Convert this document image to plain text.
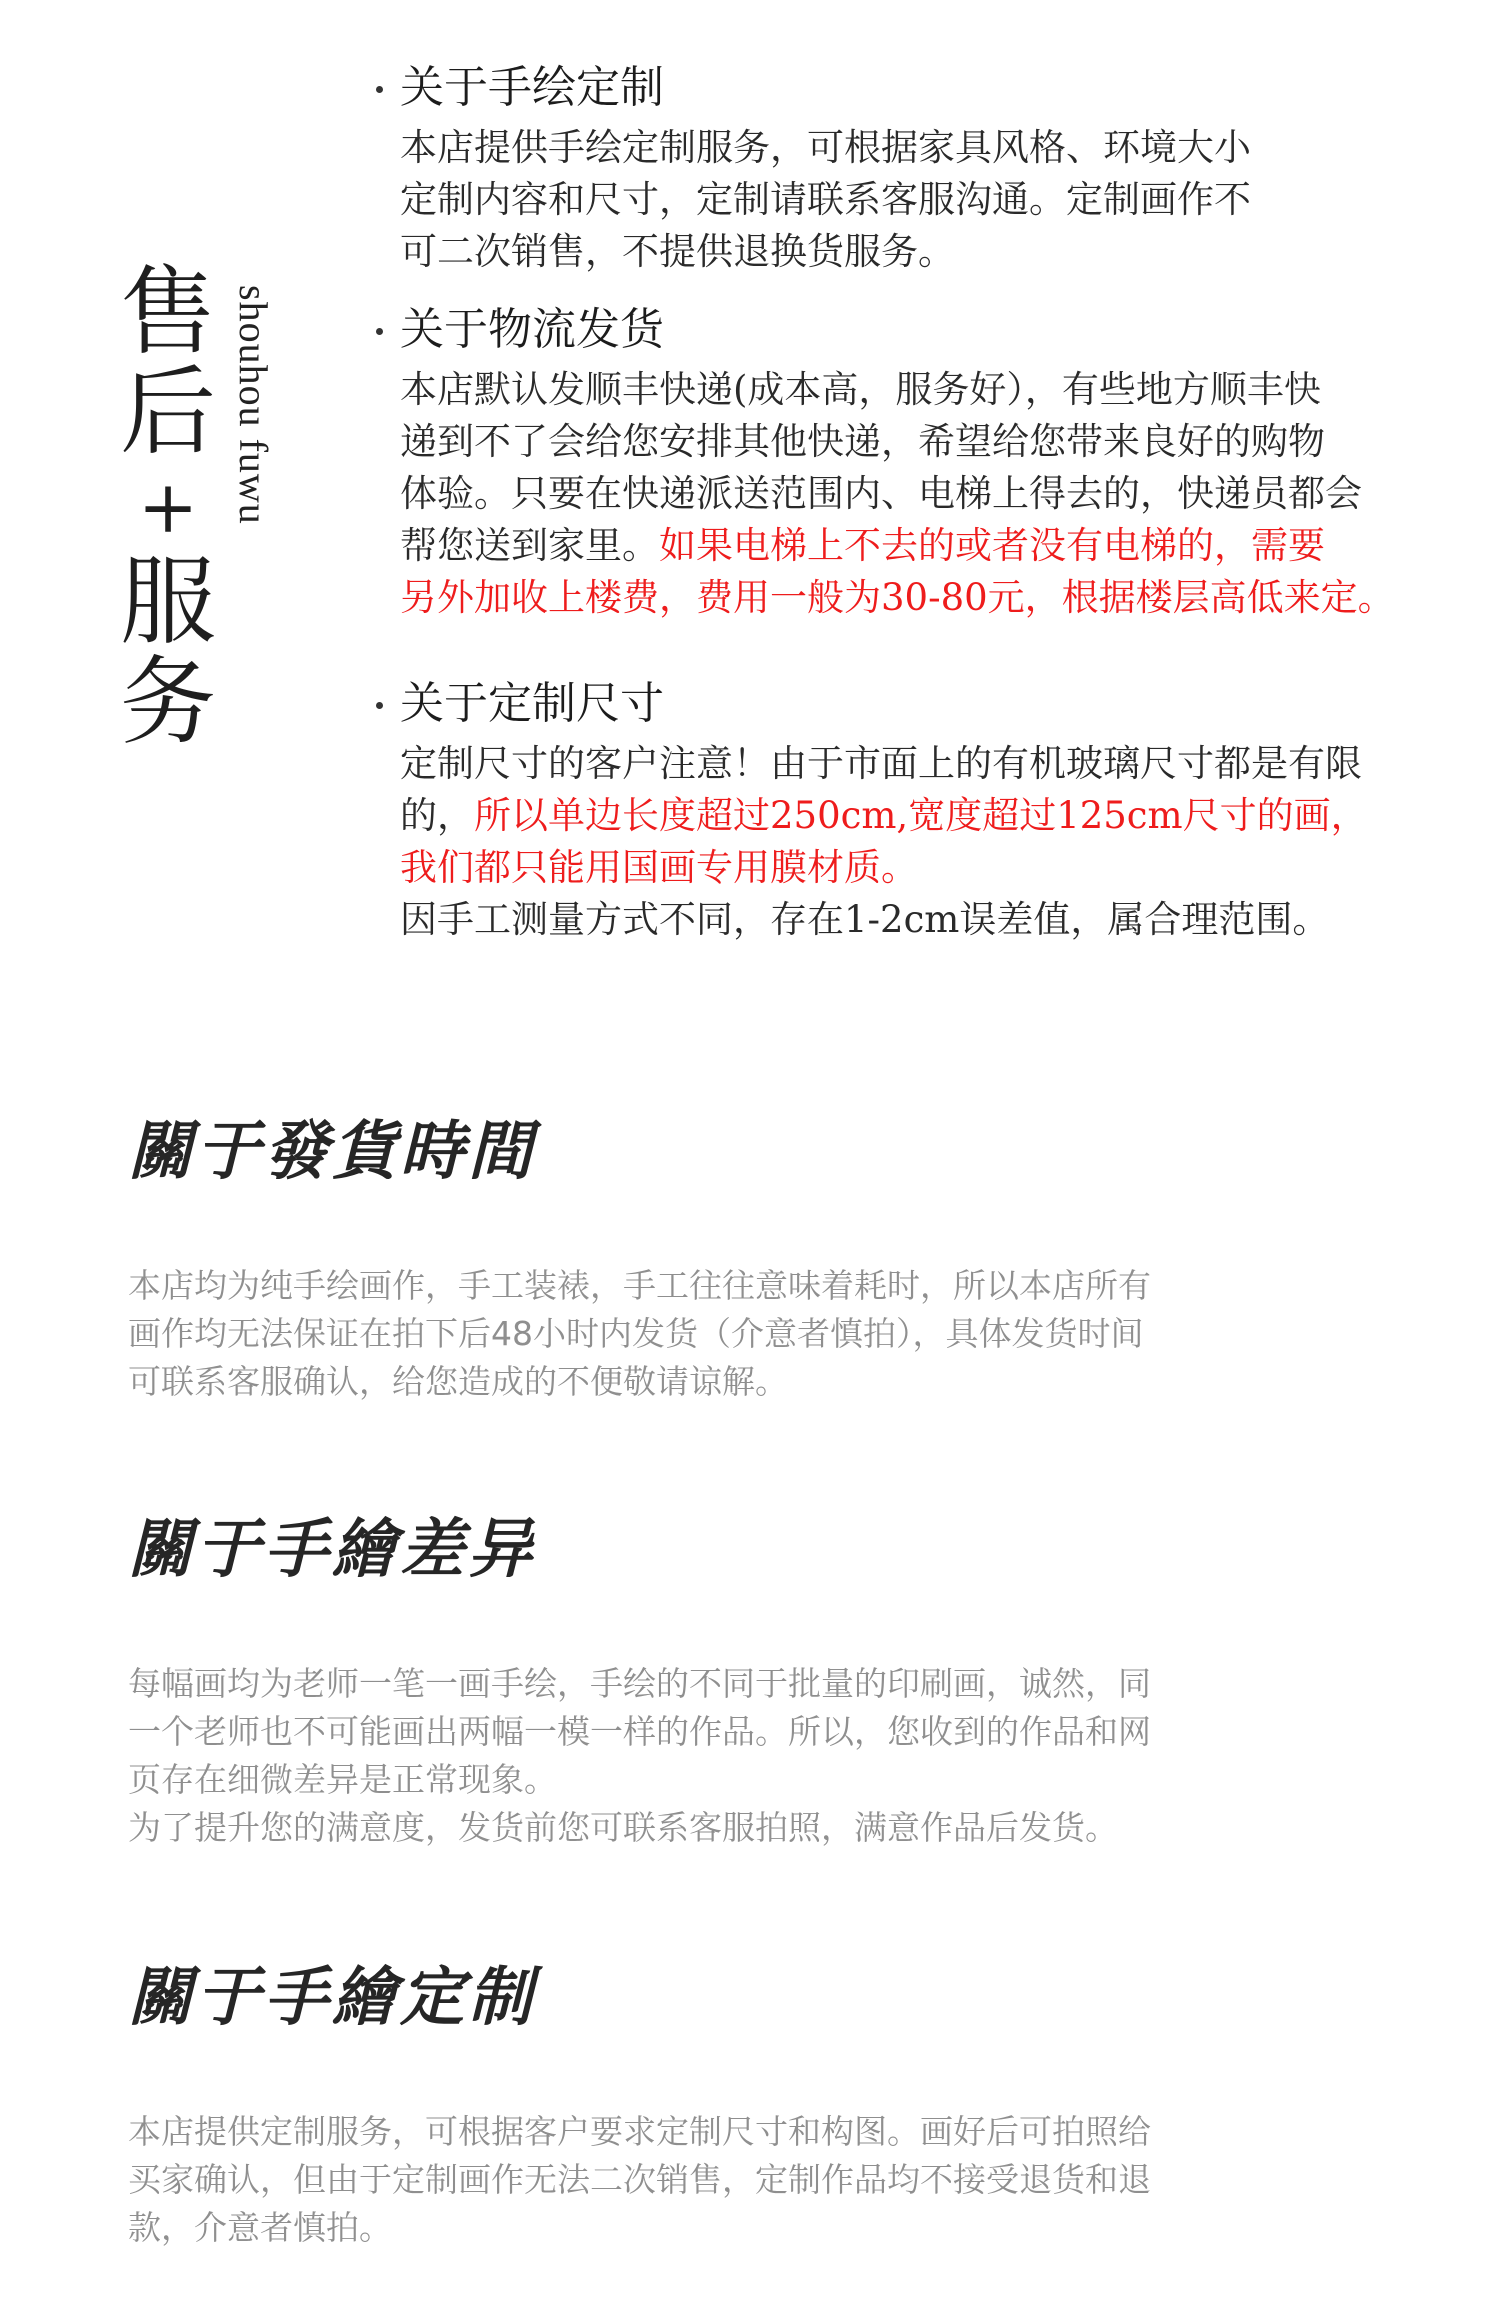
售
后
+
服
务
shouhou fuwu
关于手绘定制

本店提供手绘定制服务，可根据家具风格、环境大小

定制内容和尺寸，定制请联系客服沟通。定制画作不

可二次销售，不提供退换货服务。

关于物流发货

本店默认发顺丰快递(成本高，服务好），有些地方顺丰快

递到不了会给您安排其他快递，希望给您带来良好的购物

体验。只要在快递派送范围内、电梯上得去的，快递员都会

帮您送到家里。如果电梯上不去的或者没有电梯的，需要

另外加收上楼费，费用一般为30-80元，根据楼层高低来定。

关于定制尺寸

定制尺寸的客户注意！由于市面上的有机玻璃尺寸都是有限

的，所以单边长度超过250cm,宽度超过125cm尺寸的画，

我们都只能用国画专用膜材质。

因手工测量方式不同，存在1-2cm误差值，属合理范围。

關于發貨時間

本店均为纯手绘画作，手工装裱，手工往往意味着耗时，所以本店所有

画作均无法保证在拍下后48小时内发货（介意者慎拍），具体发货时间

可联系客服确认，给您造成的不便敬请谅解。

關于手繪差异

每幅画均为老师一笔一画手绘，手绘的不同于批量的印刷画，诚然，同

一个老师也不可能画出两幅一模一样的作品。所以，您收到的作品和网

页存在细微差异是正常现象。

为了提升您的满意度，发货前您可联系客服拍照，满意作品后发货。

關于手繪定制

本店提供定制服务，可根据客户要求定制尺寸和构图。画好后可拍照给

买家确认，但由于定制画作无法二次销售，定制作品均不接受退货和退

款，介意者慎拍。
